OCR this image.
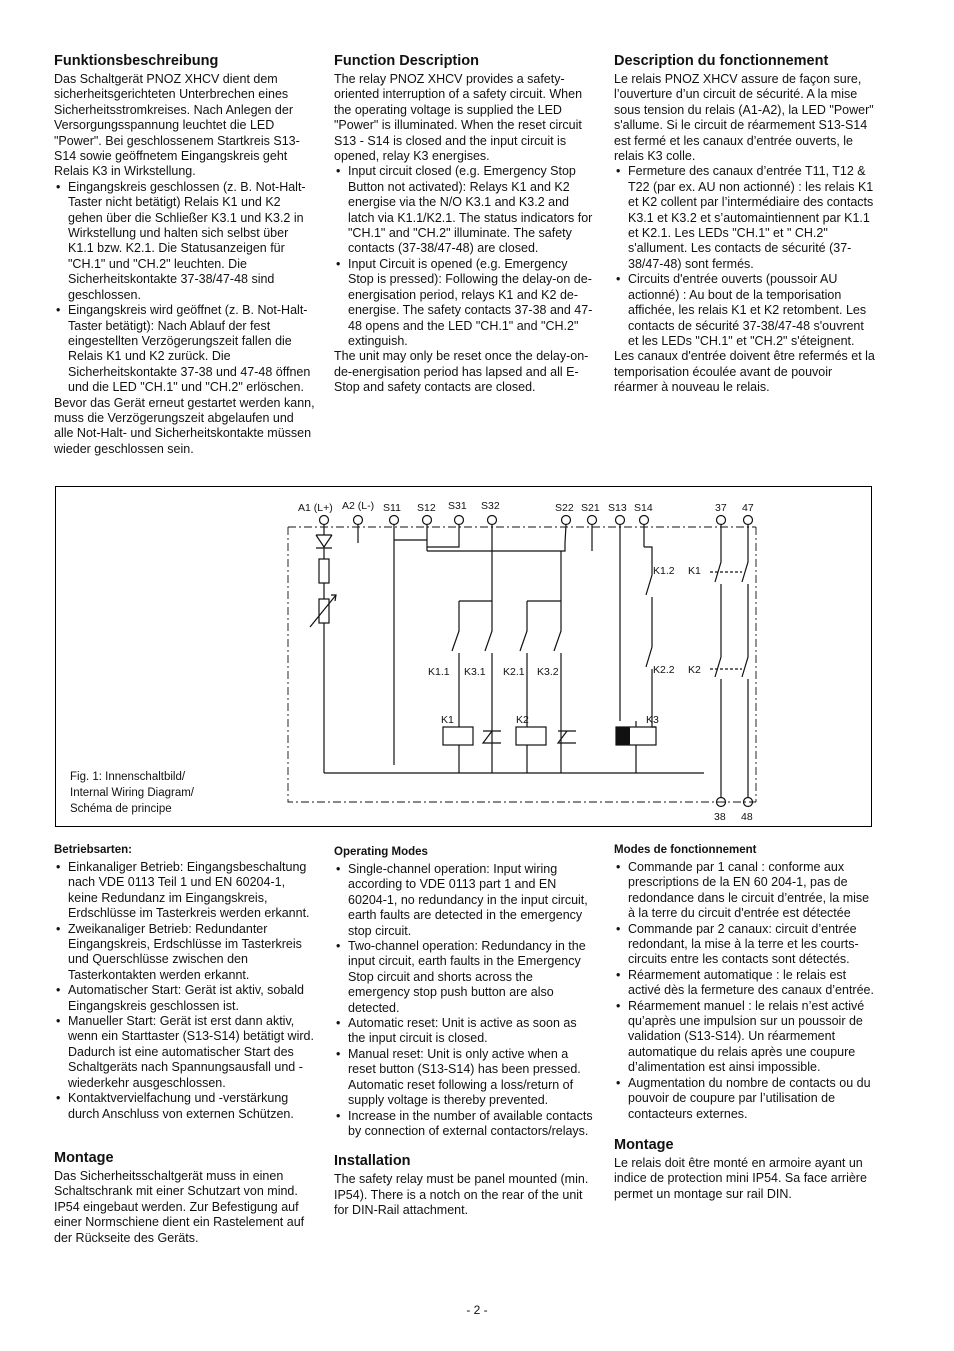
Funktionsbeschreibung

Das Schaltgerät PNOZ XHCV dient dem sicherheitsgerichteten Unterbrechen eines Sicherheitsstromkreises. Nach Anlegen der Versorgungsspannung leuchtet die LED "Power". Bei geschlossenem Startkreis S13-S14 sowie geöffnetem Eingangskreis geht Relais K3 in Wirkstellung.

• Eingangskreis geschlossen (z. B. Not-Halt-Taster nicht betätigt) Relais K1 und K2 gehen über die Schließer K3.1 und K3.2 in Wirkstellung und halten sich selbst über K1.1 bzw. K2.1. Die Statusanzeigen für "CH.1" und "CH.2" leuchten. Die Sicherheitskontakte 37-38/47-48 sind geschlossen.
• Eingangskreis wird geöffnet (z. B. Not-Halt-Taster betätigt): Nach Ablauf der fest eingestellten Verzögerungszeit fallen die Relais K1 und K2 zurück. Die Sicherheitskontakte 37-38 und 47-48 öffnen und die LED "CH.1" und "CH.2" erlöschen.

Bevor das Gerät erneut gestartet werden kann, muss die Verzögerungszeit abgelaufen und alle Not-Halt- und Sicherheitskontakte müssen wieder geschlossen sein.

Function Description

The relay PNOZ XHCV provides a safety-oriented interruption of a safety circuit. When the operating voltage is supplied the LED "Power" is illuminated. When the reset circuit S13 - S14 is closed and the input circuit is opened, relay K3 energises.

• Input circuit closed (e.g. Emergency Stop Button not activated): Relays K1 and K2 energise via the N/O K3.1 and K3.2 and latch via K1.1/K2.1. The status indicators for "CH.1" and "CH.2" illuminate. The safety contacts (37-38/47-48) are closed.
• Input Circuit is opened (e.g. Emergency Stop is pressed): Following the delay-on de-energisation period, relays K1 and K2 de-energise. The safety contacts 37-38 and 47-48 opens and the LED "CH.1" and "CH.2" extinguish.

The unit may only be reset once the delay-on-de-energisation period has lapsed and all E-Stop and safety contacts are closed.

Description du fonctionnement

Le relais PNOZ XHCV assure de façon sure, l’ouverture d’un circuit de sécurité. A la mise sous tension du relais (A1-A2), la LED "Power" s'allume. Si le circuit de réarmement S13-S14 est fermé et les canaux d’entrée ouverts, le relais K3 colle.

• Fermeture des canaux d’entrée T11, T12 & T22 (par ex. AU non actionné) : les relais K1 et K2 collent par l’intermédiaire des contacts K3.1 et K3.2 et s’automaintiennent par K1.1 et K2.1. Les LEDs "CH.1" et " CH.2" s'allument. Les contacts de sécurité (37-38/47-48) sont fermés.
• Circuits d'entrée ouverts (poussoir AU actionné) : Au bout de la temporisation affichée, les relais K1 et K2 retombent. Les contacts de sécurité 37-38/47-48 s'ouvrent et les LEDs "CH.1" et "CH.2" s'éteignent.

Les canaux d'entrée doivent être refermés et la temporisation écoulée avant de pouvoir réarmer à nouveau le relais.

A1 (L+) A2 (L-) S11 S12 S31 S32	S22 S21 S13 S14	37 47
38 48
K1.1 K3.1 K2.1 K3.2
K1.2
K2.2
K1	K2	K3
K1
K2
Fig. 1: Innenschaltbild/
Internal Wiring Diagram/
Schéma de principe
Betriebsarten:
• Einkanaliger Betrieb: Eingangsbeschaltung nach VDE 0113 Teil 1 und EN 60204-1, keine Redundanz im Eingangskreis, Erdschlüsse im Tasterkreis werden erkannt.
• Zweikanaliger Betrieb: Redundanter Eingangskreis, Erdschlüsse im Tasterkreis und Querschlüsse zwischen den Tasterkontakten werden erkannt.
• Automatischer Start: Gerät ist aktiv, sobald Eingangskreis geschlossen ist.
• Manueller Start: Gerät ist erst dann aktiv, wenn ein Starttaster (S13-S14) betätigt wird. Dadurch ist eine automatischer Start des Schaltgeräts nach Spannungsausfall und -wiederkehr ausgeschlossen.
• Kontaktvervielfachung und -verstärkung durch Anschluss von externen Schützen.
Montage

Das Sicherheitsschaltgerät muss in einen Schaltschrank mit einer Schutzart von mind. IP54 eingebaut werden. Zur Befestigung auf einer Normschiene dient ein Rastelement auf der Rückseite des Geräts.

Operating Modes
• Single-channel operation: Input wiring according to VDE 0113 part 1 and EN 60204-1, no redundancy in the input circuit, earth faults are detected in the emergency stop circuit.
• Two-channel operation: Redundancy in the input circuit, earth faults in the Emergency Stop circuit and shorts across the emergency stop push button are also detected.
• Automatic reset: Unit is active as soon as the input circuit is closed.
• Manual reset: Unit is only active when a reset button (S13-S14) has been pressed. Automatic reset following a loss/return of supply voltage is thereby prevented.
• Increase in the number of available contacts by connection of external contactors/relays.
Installation

The safety relay must be panel mounted (min. IP54). There is a notch on the rear of the unit for DIN-Rail attachment.

Modes de fonctionnement
• Commande par 1 canal : conforme aux prescriptions de la EN 60 204-1, pas de redondance dans le circuit d’entrée, la mise à la terre du circuit d'entrée est détectée
• Commande par 2 canaux: circuit d’entrée redondant, la mise à la terre et les courts-circuits entre les contacts sont détectés.
• Réarmement automatique : le relais est activé dès la fermeture des canaux d’entrée.
• Réarmement manuel : le relais n’est activé qu’après une impulsion sur un poussoir de validation (S13-S14). Un réarmement automatique du relais après une coupure d’alimentation est ainsi impossible.
• Augmentation du nombre de contacts ou du pouvoir de coupure par l’utilisation de contacteurs externes.
Montage

Le relais doit être monté en armoire ayant un indice de protection mini IP54. Sa face arrière permet un montage sur rail DIN.

- 2 -
